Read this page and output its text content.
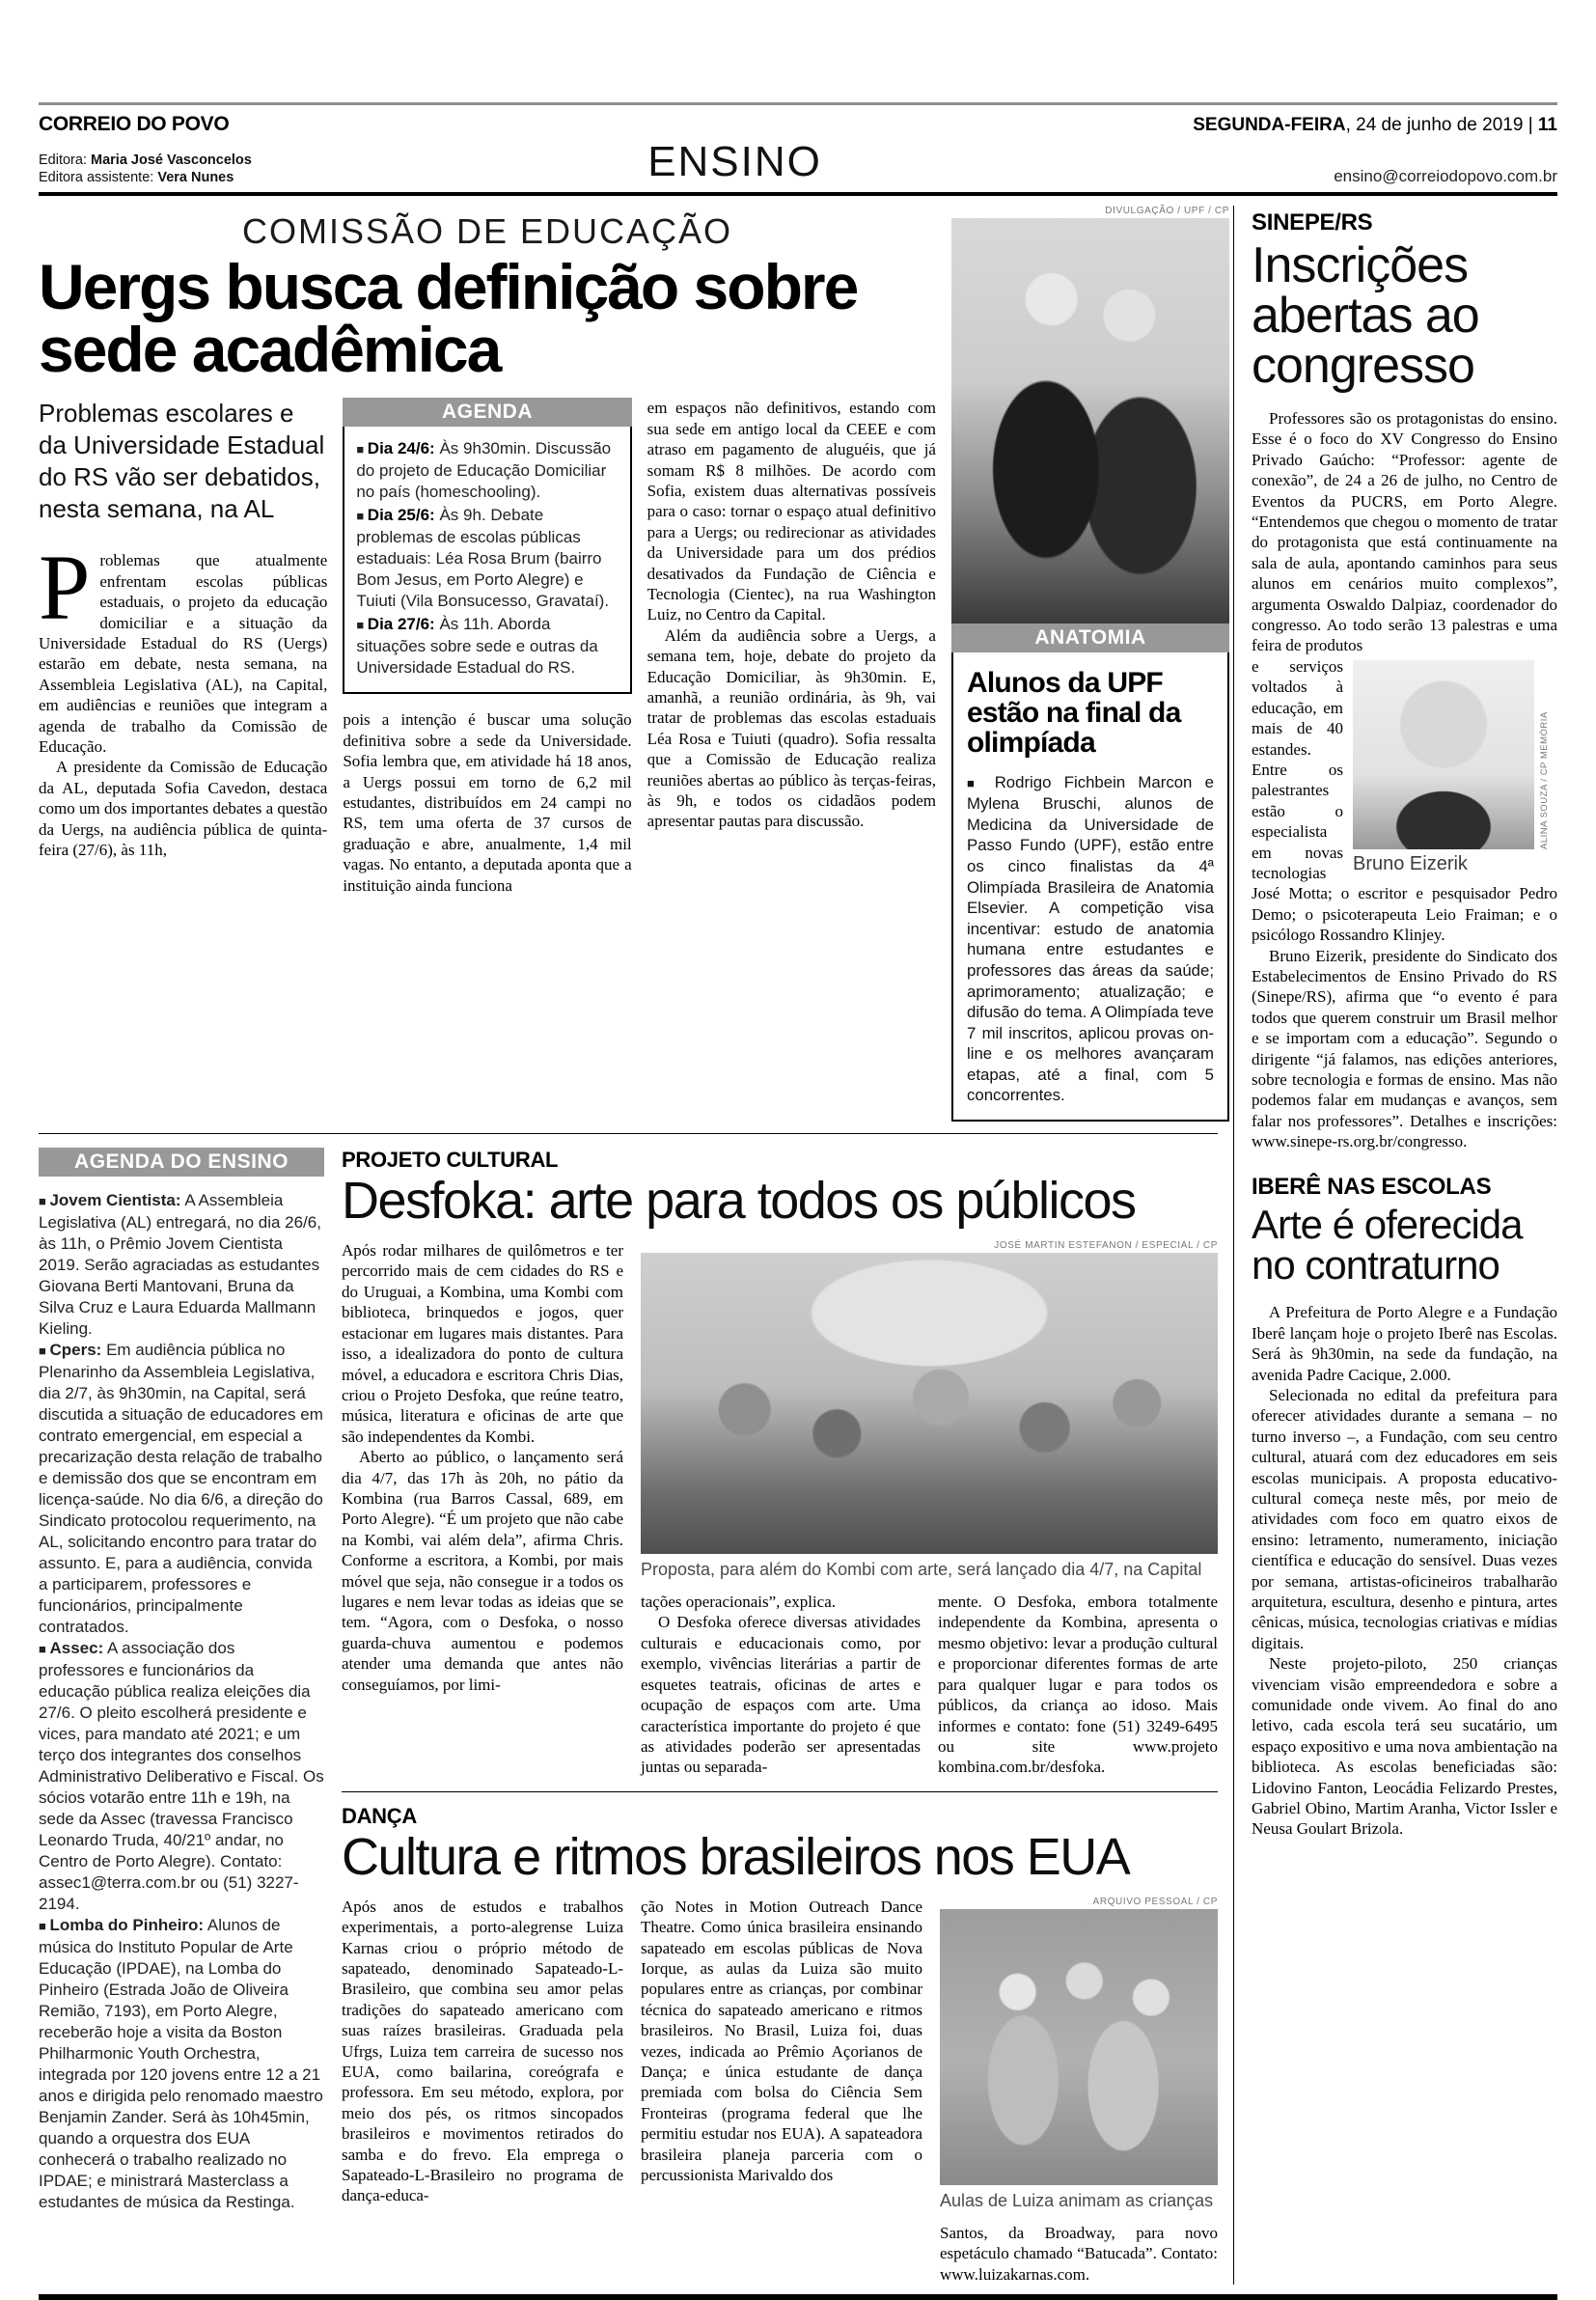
CORREIO DO POVO	SEGUNDA-FEIRA, 24 de junho de 2019 | 11
Editora: Maria José Vasconcelos
Editora assistente: Vera Nunes	ENSINO	ensino@correiodopovo.com.br
COMISSÃO DE EDUCAÇÃO
Uergs busca definição sobre sede acadêmica
Problemas escolares e da Universidade Estadual do RS vão ser debatidos, nesta semana, na AL

Problemas que atualmente enfrentam escolas públicas estaduais, o projeto da educação domiciliar e a situação da Universidade Estadual do RS (Uergs) estarão em debate, nesta semana, na Assembleia Legislativa (AL), na Capital, em audiências e reuniões que integram a agenda de trabalho da Comissão de Educação.

A presidente da Comissão de Educação da AL, deputada Sofia Cavedon, destaca como um dos importantes debates a questão da Uergs, na audiência pública de quinta-feira (27/6), às 11h,

AGENDA

■ Dia 24/6: Às 9h30min. Discussão do projeto de Educação Domiciliar no país (homeschooling).

■ Dia 25/6: Às 9h. Debate problemas de escolas públicas estaduais: Léa Rosa Brum (bairro Bom Jesus, em Porto Alegre) e Tuiuti (Vila Bonsucesso, Gravataí).

■ Dia 27/6: Às 11h. Aborda situações sobre sede e outras da Universidade Estadual do RS.

pois a intenção é buscar uma solução definitiva sobre a sede da Universidade. Sofia lembra que, em atividade há 18 anos, a Uergs possui em torno de 6,2 mil estudantes, distribuídos em 24 campi no RS, tem uma oferta de 37 cursos de graduação e abre, anualmente, 1,4 mil vagas. No entanto, a deputada aponta que a instituição ainda funciona

em espaços não definitivos, estando com sua sede em antigo local da CEEE e com atraso em pagamento de aluguéis, que já somam R$ 8 milhões. De acordo com Sofia, existem duas alternativas possíveis para o caso: tornar o espaço atual definitivo para a Uergs; ou redirecionar as atividades da Universidade para um dos prédios desativados da Fundação de Ciência e Tecnologia (Cientec), na rua Washington Luiz, no Centro da Capital.

Além da audiência sobre a Uergs, a semana tem, hoje, debate do projeto da Educação Domiciliar, às 9h30min. E, amanhã, a reunião ordinária, às 9h, vai tratar de problemas das escolas estaduais Léa Rosa e Tuiuti (quadro). Sofia ressalta que a Comissão de Educação realiza reuniões abertas ao público às terças-feiras, às 9h, e todos os cidadãos podem apresentar pautas para discussão.

DIVULGAÇÃO / UPF / CP
ANATOMIA
Alunos da UPF estão na final da olimpíada

■ Rodrigo Fichbein Marcon e Mylena Bruschi, alunos de Medicina da Universidade de Passo Fundo (UPF), estão entre os cinco finalistas da 4ª Olimpíada Brasileira de Anatomia Elsevier. A competição visa incentivar: estudo de anatomia humana entre estudantes e professores das áreas da saúde; aprimoramento; atualização; e difusão do tema. A Olimpíada teve 7 mil inscritos, aplicou provas on-line e os melhores avançaram etapas, até a final, com 5 concorrentes.

AGENDA DO ENSINO

■ Jovem Cientista: A Assembleia Legislativa (AL) entregará, no dia 26/6, às 11h, o Prêmio Jovem Cientista 2019. Serão agraciadas as estudantes Giovana Berti Mantovani, Bruna da Silva Cruz e Laura Eduarda Mallmann Kieling.

■ Cpers: Em audiência pública no Plenarinho da Assembleia Legislativa, dia 2/7, às 9h30min, na Capital, será discutida a situação de educadores em contrato emergencial, em especial a precarização desta relação de trabalho e demissão dos que se encontram em licença-saúde. No dia 6/6, a direção do Sindicato protocolou requerimento, na AL, solicitando encontro para tratar do assunto. E, para a audiência, convida a participarem, professores e funcionários, principalmente contratados.

■ Assec: A associação dos professores e funcionários da educação pública realiza eleições dia 27/6. O pleito escolherá presidente e vices, para mandato até 2021; e um terço dos integrantes dos conselhos Administrativo Deliberativo e Fiscal. Os sócios votarão entre 11h e 19h, na sede da Assec (travessa Francisco Leonardo Truda, 40/21º andar, no Centro de Porto Alegre). Contato: assec1@terra.com.br ou (51) 3227-2194.

■ Lomba do Pinheiro: Alunos de música do Instituto Popular de Arte Educação (IPDAE), na Lomba do Pinheiro (Estrada João de Oliveira Remião, 7193), em Porto Alegre, receberão hoje a visita da Boston Philharmonic Youth Orchestra, integrada por 120 jovens entre 12 a 21 anos e dirigida pelo renomado maestro Benjamin Zander. Será às 10h45min, quando a orquestra dos EUA conhecerá o trabalho realizado no IPDAE; e ministrará Masterclass a estudantes de música da Restinga.

PROJETO CULTURAL
Desfoka: arte para todos os públicos

Após rodar milhares de quilômetros e ter percorrido mais de cem cidades do RS e do Uruguai, a Kombina, uma Kombi com biblioteca, brinquedos e jogos, quer estacionar em lugares mais distantes. Para isso, a idealizadora do ponto de cultura móvel, a educadora e escritora Chris Dias, criou o Projeto Desfoka, que reúne teatro, música, literatura e oficinas de arte que são independentes da Kombi.

Aberto ao público, o lançamento será dia 4/7, das 17h às 20h, no pátio da Kombina (rua Barros Cassal, 689, em Porto Alegre). “É um projeto que não cabe na Kombi, vai além dela”, afirma Chris. Conforme a escritora, a Kombi, por mais móvel que seja, não consegue ir a todos os lugares e nem levar todas as ideias que se tem. “Agora, com o Desfoka, o nosso guarda-chuva aumentou e podemos atender uma demanda que antes não conseguíamos, por limi-

JOSÉ MARTIN ESTEFANON / ESPECIAL / CP
Proposta, para além do Kombi com arte, será lançado dia 4/7, na Capital

tações operacionais”, explica.

O Desfoka oferece diversas atividades culturais e educacionais como, por exemplo, vivências literárias a partir de esquetes teatrais, oficinas de artes e ocupação de espaços com arte. Uma característica importante do projeto é que as atividades poderão ser apresentadas juntas ou separada-

mente. O Desfoka, embora totalmente independente da Kombina, apresenta o mesmo objetivo: levar a produção cultural e proporcionar diferentes formas de arte para qualquer lugar e para todos os públicos, da criança ao idoso. Mais informes e contato: fone (51) 3249-6495 ou site www.projeto kombina.com.br/desfoka.

DANÇA
Cultura e ritmos brasileiros nos EUA

Após anos de estudos e trabalhos experimentais, a porto-alegrense Luiza Karnas criou o próprio método de sapateado, denominado Sapateado-L-Brasileiro, que combina seu amor pelas tradições do sapateado americano com suas raízes brasileiras. Graduada pela Ufrgs, Luiza tem carreira de sucesso nos EUA, como bailarina, coreógrafa e professora. Em seu método, explora, por meio dos pés, os ritmos sincopados brasileiros e movimentos retirados do samba e do frevo. Ela emprega o Sapateado-L-Brasileiro no programa de dança-educa-

ção Notes in Motion Outreach Dance Theatre. Como única brasileira ensinando sapateado em escolas públicas de Nova Iorque, as aulas da Luiza são muito populares entre as crianças, por combinar técnica do sapateado americano e ritmos brasileiros. No Brasil, Luiza foi, duas vezes, indicada ao Prêmio Açorianos de Dança; e única estudante de dança premiada com bolsa do Ciência Sem Fronteiras (programa federal que lhe permitiu estudar nos EUA). A sapateadora brasileira planeja parceria com o percussionista Marivaldo dos

ARQUIVO PESSOAL / CP
Aulas de Luiza animam as crianças

Santos, da Broadway, para novo espetáculo chamado “Batucada”. Contato: www.luizakarnas.com.

SINEPE/RS
Inscrições abertas ao congresso

Professores são os protagonistas do ensino. Esse é o foco do XV Congresso do Ensino Privado Gaúcho: “Professor: agente de conexão”, de 24 a 26 de julho, no Centro de Eventos da PUCRS, em Porto Alegre. “Entendemos que chegou o momento de tratar do protagonista que está continuamente na sala de aula, apontando caminhos para seus alunos em cenários muito complexos”, argumenta Oswaldo Dalpiaz, coordenador do congresso. Ao todo serão 13 palestras e uma feira de produtos

ALINA SOUZA / CP MEMÓRIA
Bruno Eizerik

e serviços voltados à educação, em mais de 40 estandes. Entre os palestrantes estão o especialista em novas tecnologias José Motta; o escritor e pesquisador Pedro Demo; o psicoterapeuta Leio Fraiman; e o psicólogo Rossandro Klinjey.

Bruno Eizerik, presidente do Sindicato dos Estabelecimentos de Ensino Privado do RS (Sinepe/RS), afirma que “o evento é para todos que querem construir um Brasil melhor e se importam com a educação”. Segundo o dirigente “já falamos, nas edições anteriores, sobre tecnologia e formas de ensino. Mas não podemos falar em mudanças e avanços, sem falar nos professores”. Detalhes e inscrições: www.sinepe-rs.org.br/congresso.

IBERÊ NAS ESCOLAS
Arte é oferecida no contraturno

A Prefeitura de Porto Alegre e a Fundação Iberê lançam hoje o projeto Iberê nas Escolas. Será às 9h30min, na sede da fundação, na avenida Padre Cacique, 2.000.

Selecionada no edital da prefeitura para oferecer atividades durante a semana – no turno inverso –, a Fundação, com seu centro cultural, atuará com dez educadores em seis escolas municipais. A proposta educativo-cultural começa neste mês, por meio de atividades com foco em quatro eixos de ensino: letramento, numeramento, iniciação científica e educação do sensível. Duas vezes por semana, artistas-oficineiros trabalharão arquitetura, escultura, desenho e pintura, artes cênicas, música, tecnologias criativas e mídias digitais.

Neste projeto-piloto, 250 crianças vivenciam visão empreendedora e sobre a comunidade onde vivem. Ao final do ano letivo, cada escola terá seu sucatário, um espaço expositivo e uma nova ambientação na biblioteca. As escolas beneficiadas são: Lidovino Fanton, Leocádia Felizardo Prestes, Gabriel Obino, Martim Aranha, Victor Issler e Neusa Goulart Brizola.
